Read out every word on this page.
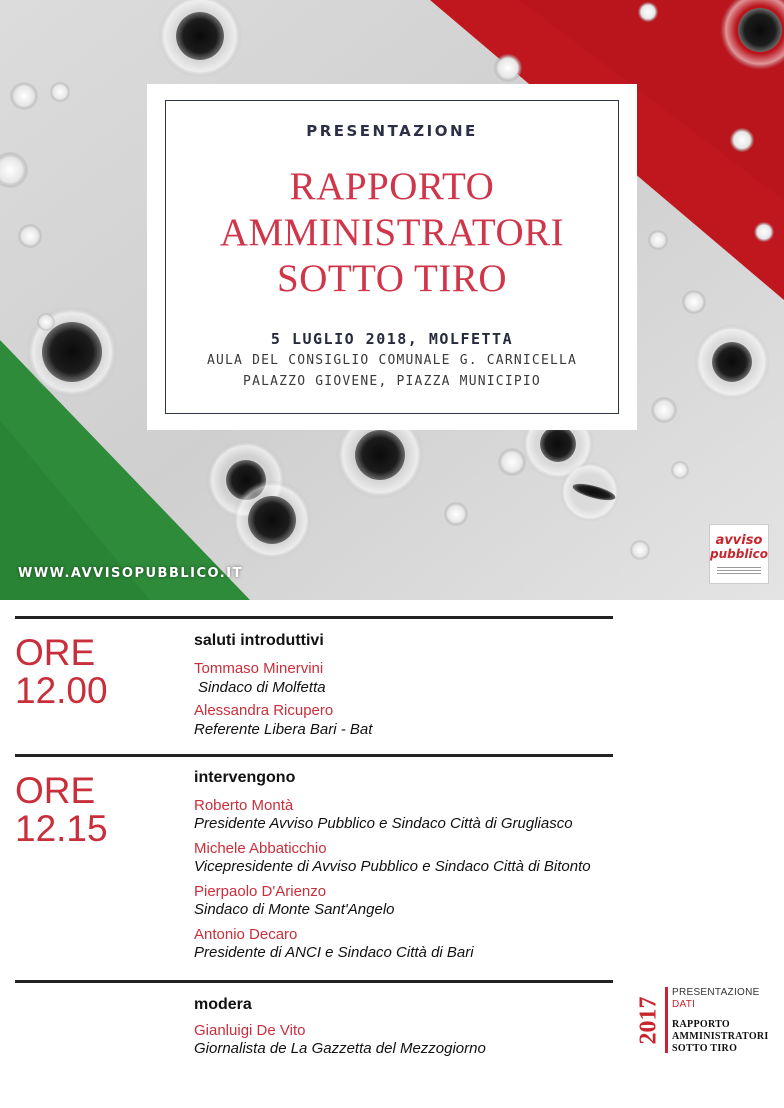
PRESENTAZIONE
RAPPORTO
AMMINISTRATORI
SOTTO TIRO
5 LUGLIO 2018, MOLFETTA
AULA DEL CONSIGLIO COMUNALE G. CARNICELLA
PALAZZO GIOVENE, PIAZZA MUNICIPIO
WWW.AVVISOPUBBLICO.IT
avviso
pubblico
ORE
12.00
saluti introduttivi
Tommaso Minervini
Sindaco di Molfetta
Alessandra Ricupero
Referente Libera Bari - Bat
ORE
12.15
intervengono
Roberto Montà
Presidente Avviso Pubblico e Sindaco Città di Grugliasco
Michele Abbaticchio
Vicepresidente di Avviso Pubblico e Sindaco Città di Bitonto
Pierpaolo D'Arienzo
Sindaco di Monte Sant'Angelo
Antonio Decaro
Presidente di ANCI e Sindaco Città di Bari
modera
Gianluigi De Vito
Giornalista de La Gazzetta del Mezzogiorno
2017
PRESENTAZIONE
DATI
RAPPORTO
AMMINISTRATORI
SOTTO TIRO
